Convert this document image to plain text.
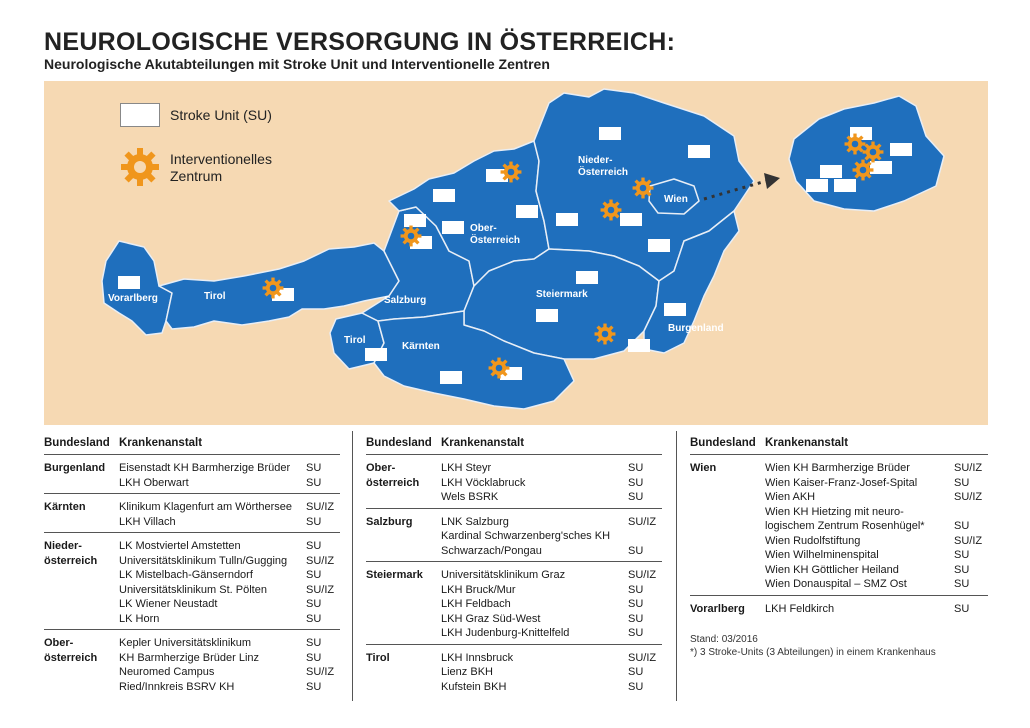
NEUROLOGISCHE VERSORGUNG IN ÖSTERREICH:
Neurologische Akutabteilungen mit Stroke Unit und Interventionelle Zentren
Stroke Unit (SU)
Interventionelles
Zentrum
Vorarlberg	Tirol
Tirol
Salzburg
Ober-
Österreich
Nieder-
Österreich
Wien
Steiermark
Kärnten
Burgenland
Bundesland Krankenanstalt
Burgenland	Eisenstadt KH Barmherzige Brüder SU
LKH Oberwart	SU
Kärnten	Klinikum Klagenfurt am Wörthersee SU/IZ
LKH Villach	SU
Nieder-
österreich
LK Mostviertel Amstetten	SU
Universitätsklinikum Tulln/Gugging SU/IZ
LK Mistelbach-Gänserndorf	SU
Universitätsklinikum St. Pölten	SU/IZ
LK Wiener Neustadt	SU
LK Horn	SU
Ober-
österreich
Kepler Universitätsklinikum	SU
KH Barmherzige Brüder Linz	SU
Neuromed Campus	SU/IZ
Ried/Innkreis BSRV KH	SU
Bundesland Krankenanstalt
Ober-
österreich
LKH Steyr	SU
LKH Vöcklabruck	SU
Wels BSRK	SU
Salzburg	LNK Salzburg	SU/IZ
Kardinal Schwarzenberg'sches KH
Schwarzach/Pongau	SU
Steiermark	Universitätsklinikum Graz	SU/IZ
LKH Bruck/Mur	SU
LKH Feldbach	SU
LKH Graz Süd-West	SU
LKH Judenburg-Knittelfeld	SU
Tirol	LKH Innsbruck	SU/IZ
Lienz BKH	SU
Kufstein BKH	SU
Bundesland Krankenanstalt
Wien	Wien KH Barmherzige Brüder	SU/IZ
Wien Kaiser-Franz-Josef-Spital	SU
Wien AKH	SU/IZ
Wien KH Hietzing mit neuro-
logischem Zentrum Rosenhügel*	SU
Wien Rudolfstiftung	SU/IZ
Wien Wilhelminenspital	SU
Wien KH Göttlicher Heiland	SU
Wien Donauspital – SMZ Ost	SU
Vorarlberg	LKH Feldkirch	SU
Stand: 03/2016
*) 3 Stroke-Units (3 Abteilungen) in einem Krankenhaus
